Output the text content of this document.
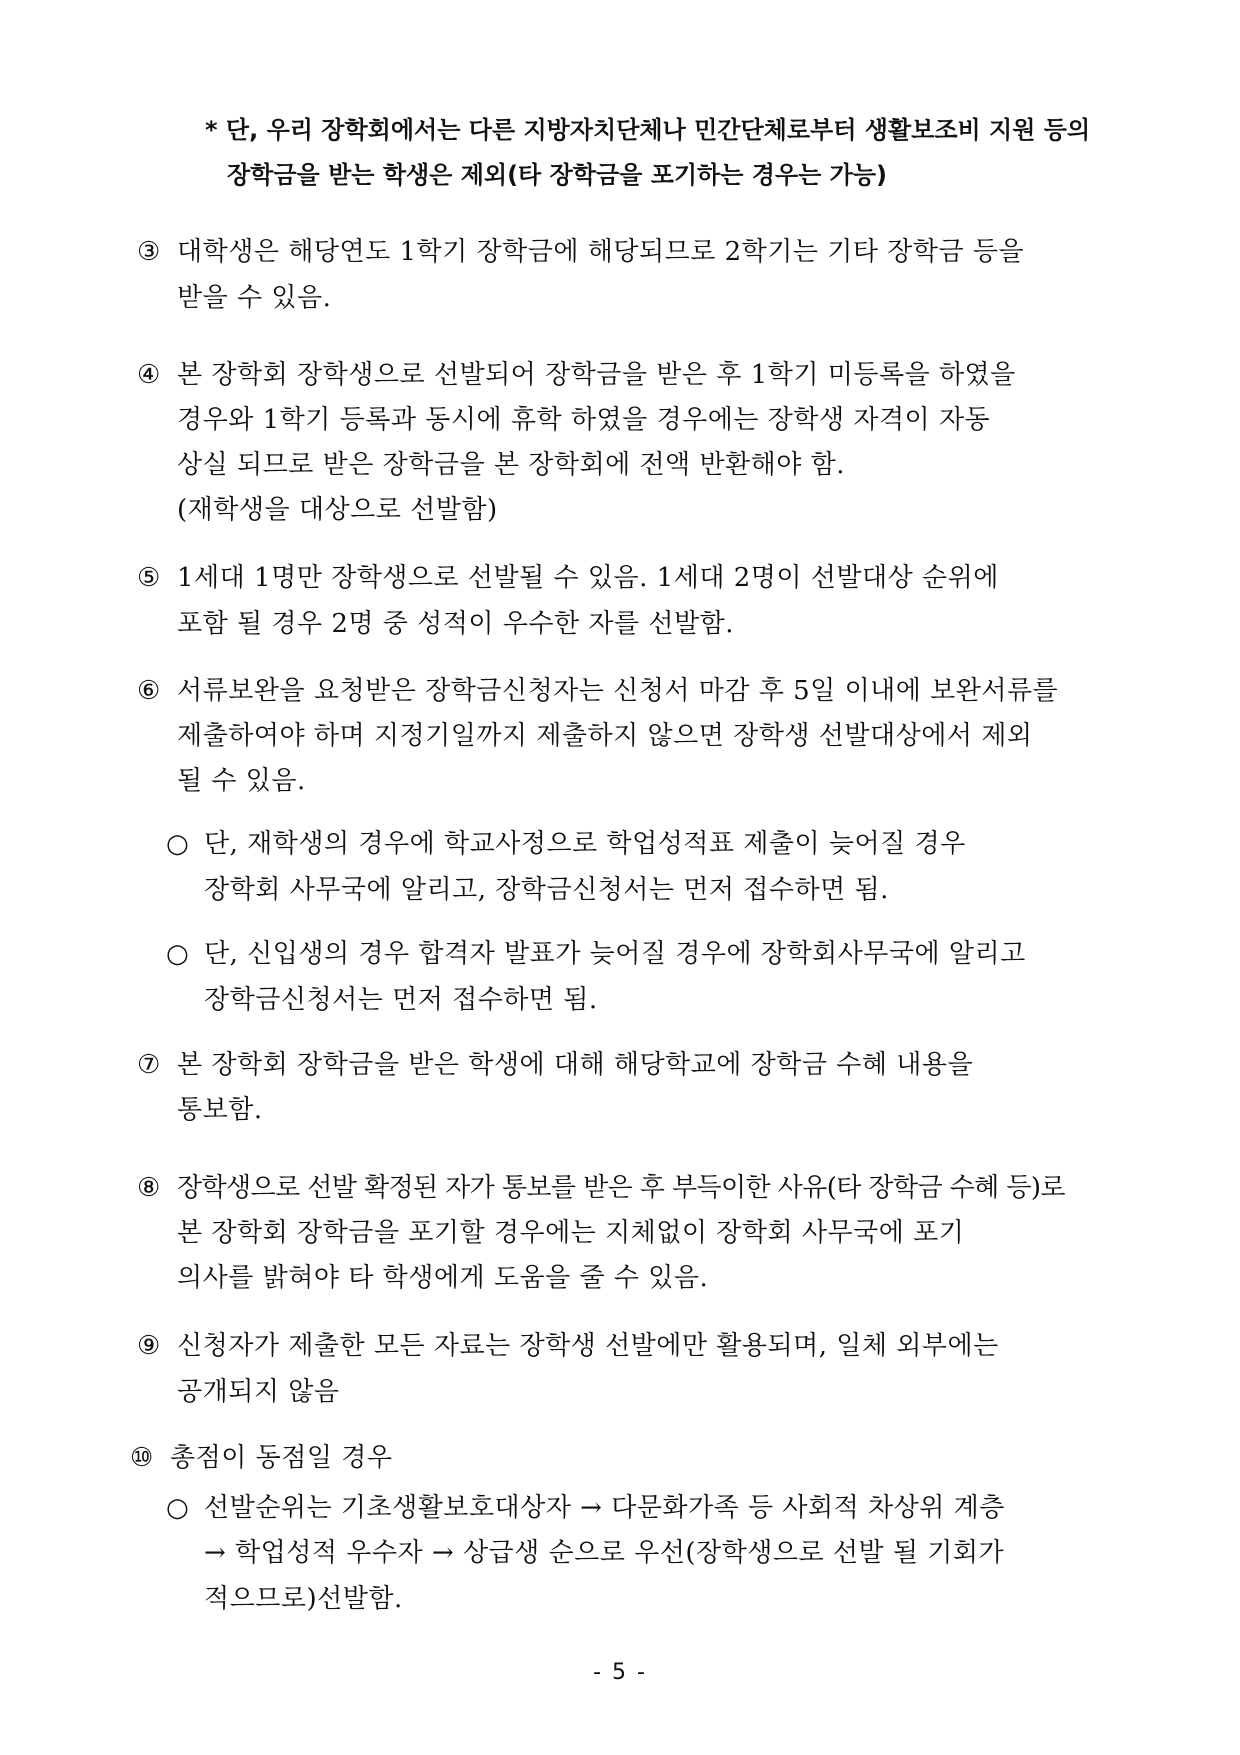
* 단, 우리 장학회에서는 다른 지방자치단체나 민간단체로부터 생활보조비 지원 등의
장학금을 받는 학생은 제외(타 장학금을 포기하는 경우는 가능)
③ 대학생은 해당연도 1학기 장학금에 해당되므로 2학기는 기타 장학금 등을
받을 수 있음.
④ 본 장학회 장학생으로 선발되어 장학금을 받은 후 1학기 미등록을 하였을
경우와 1학기 등록과 동시에 휴학 하였을 경우에는 장학생 자격이 자동
상실 되므로 받은 장학금을 본 장학회에 전액 반환해야 함.
(재학생을 대상으로 선발함)
⑤ 1세대 1명만 장학생으로 선발될 수 있음. 1세대 2명이 선발대상 순위에
포함 될 경우 2명 중 성적이 우수한 자를 선발함.
⑥ 서류보완을 요청받은 장학금신청자는 신청서 마감 후 5일 이내에 보완서류를
제출하여야 하며 지정기일까지 제출하지 않으면 장학생 선발대상에서 제외
될 수 있음.
○ 단, 재학생의 경우에 학교사정으로 학업성적표 제출이 늦어질 경우
장학회 사무국에 알리고, 장학금신청서는 먼저 접수하면 됨.
○ 단, 신입생의 경우 합격자 발표가 늦어질 경우에 장학회사무국에 알리고
장학금신청서는 먼저 접수하면 됨.
⑦ 본 장학회 장학금을 받은 학생에 대해 해당학교에 장학금 수혜 내용을
통보함.
⑧ 장학생으로 선발 확정된 자가 통보를 받은 후 부득이한 사유(타 장학금 수혜 등)로
본 장학회 장학금을 포기할 경우에는 지체없이 장학회 사무국에 포기
의사를 밝혀야 타 학생에게 도움을 줄 수 있음.
⑨ 신청자가 제출한 모든 자료는 장학생 선발에만 활용되며, 일체 외부에는
공개되지 않음
⑩ 총점이 동점일 경우
○ 선발순위는 기초생활보호대상자 → 다문화가족 등 사회적 차상위 계층
→ 학업성적 우수자 → 상급생 순으로 우선(장학생으로 선발 될 기회가
적으므로)선발함.
- 5 -
